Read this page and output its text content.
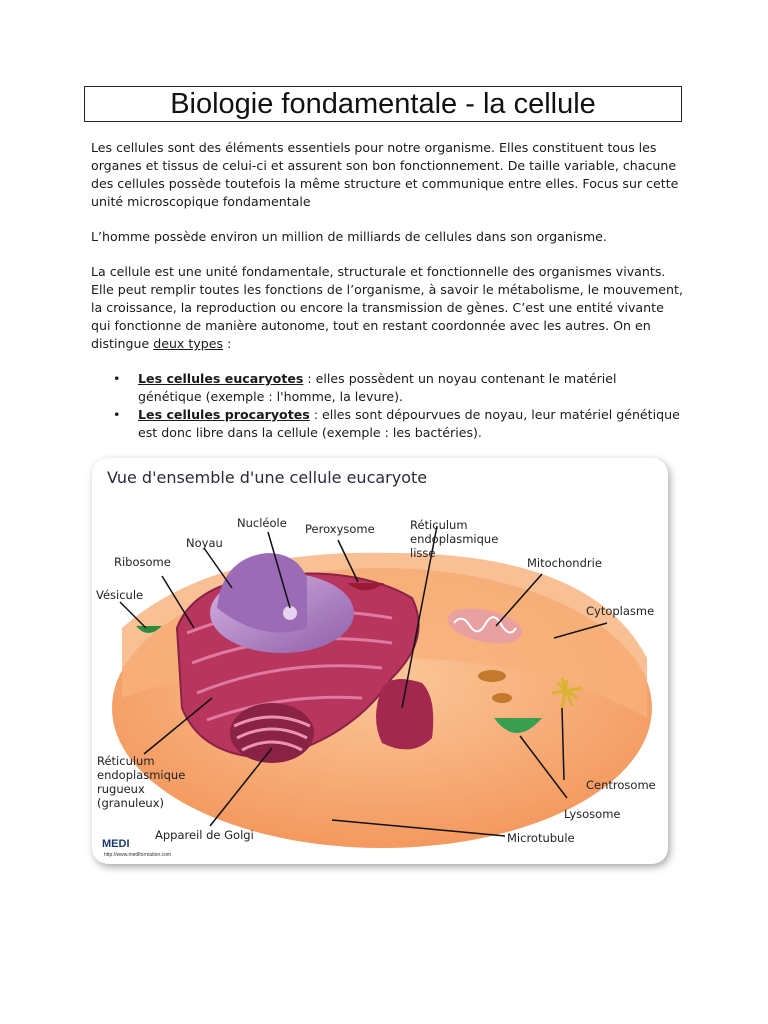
Biologie fondamentale - la cellule
Les cellules sont des éléments essentiels pour notre organisme. Elles constituent tous les organes et tissus de celui-ci et assurent son bon fonctionnement. De taille variable, chacune des cellules possède toutefois la même structure et communique entre elles. Focus sur cette unité microscopique fondamentale
L’homme possède environ un million de milliards de cellules dans son organisme.
La cellule est une unité fondamentale, structurale et fonctionnelle des organismes vivants. Elle peut remplir toutes les fonctions de l’organisme, à savoir le métabolisme, le mouvement, la croissance, la reproduction ou encore la transmission de gènes. C’est une entité vivante qui fonctionne de manière autonome, tout en restant coordonnée avec les autres. On en distingue deux types :
• Les cellules eucaryotes : elles possèdent un noyau contenant le matériel génétique (exemple : l'homme, la levure).
• Les cellules procaryotes : elles sont dépourvues de noyau, leur matériel génétique est donc libre dans la cellule (exemple : les bactéries).
Vue d'ensemble d'une cellule eucaryote
Nucléole Peroxysome	Réticulum
endoplasmique
lisse
Noyau
Ribosome	Mitochondrie
Vésicule
Cytoplasme
Réticulum
endoplasmique
rugueux
(granuleux)
Centrosome
Lysosome
Appareil de Golgi	Microtubule
MEDI
http://www.medlformation.com
